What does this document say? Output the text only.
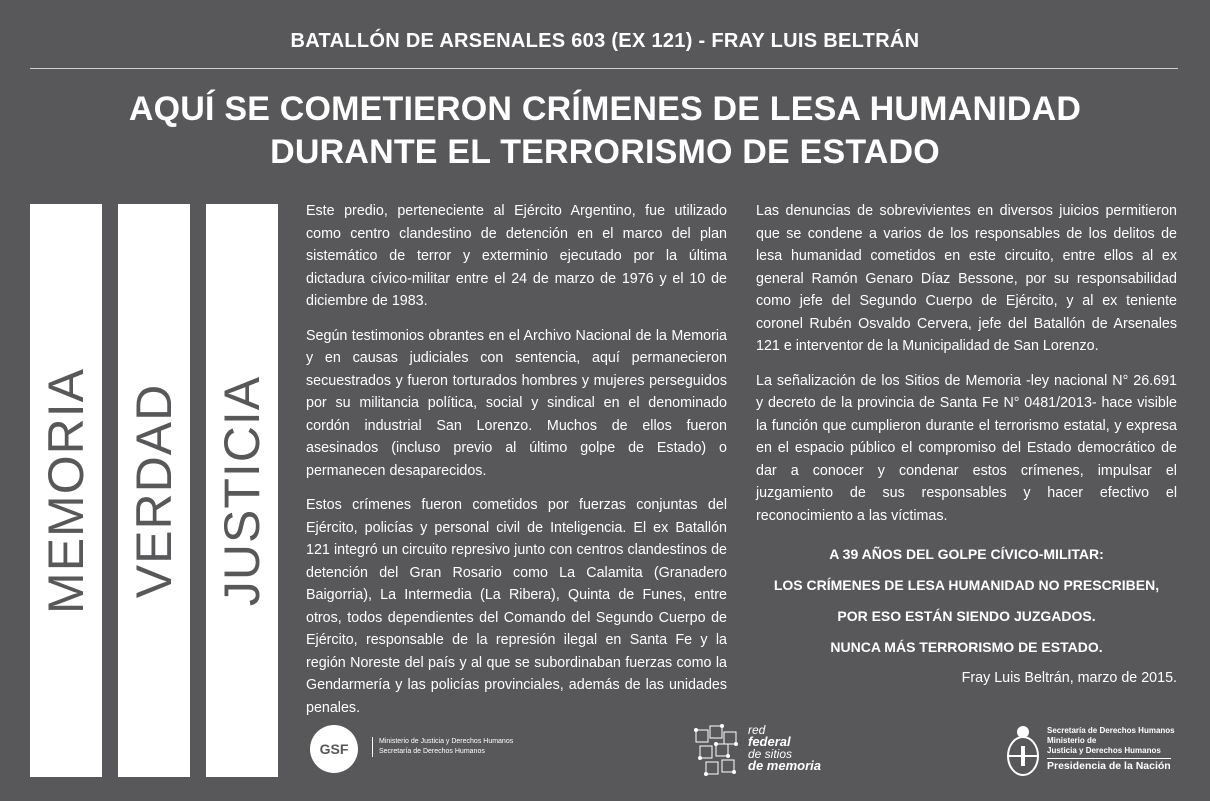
BATALLÓN DE ARSENALES 603 (EX 121) - FRAY LUIS BELTRÁN
AQUÍ SE COMETIERON CRÍMENES DE LESA HUMANIDAD
DURANTE EL TERRORISMO DE ESTADO
MEMORIA VERDAD JUSTICIA

Este predio, perteneciente al Ejército Argentino, fue utilizado como centro clandestino de detención en el marco del plan sistemático de terror y exterminio ejecutado por la última dictadura cívico-militar entre el 24 de marzo de 1976 y el 10 de diciembre de 1983.

Según testimonios obrantes en el Archivo Nacional de la Memoria y en causas judiciales con sentencia, aquí permanecieron secuestrados y fueron torturados hombres y mujeres perseguidos por su militancia política, social y sindical en el denominado cordón industrial San Lorenzo. Muchos de ellos fueron asesinados (incluso previo al último golpe de Estado) o permanecen desaparecidos.

Estos crímenes fueron cometidos por fuerzas conjuntas del Ejército, policías y personal civil de Inteligencia. El ex Batallón 121 integró un circuito represivo junto con centros clandestinos de detención del Gran Rosario como La Calamita (Granadero Baigorria), La Intermedia (La Ribera), Quinta de Funes, entre otros, todos dependientes del Comando del Segundo Cuerpo de Ejército, responsable de la represión ilegal en Santa Fe y la región Noreste del país y al que se subordinaban fuerzas como la Gendarmería y las policías provinciales, además de las unidades penales.

Las denuncias de sobrevivientes en diversos juicios permitieron que se condene a varios de los responsables de los delitos de lesa humanidad cometidos en este circuito, entre ellos al ex general Ramón Genaro Díaz Bessone, por su responsabilidad como jefe del Segundo Cuerpo de Ejército, y al ex teniente coronel Rubén Osvaldo Cervera, jefe del Batallón de Arsenales 121 e interventor de la Municipalidad de San Lorenzo.

La señalización de los Sitios de Memoria -ley nacional N° 26.691 y decreto de la provincia de Santa Fe N° 0481/2013- hace visible la función que cumplieron durante el terrorismo estatal, y expresa en el espacio público el compromiso del Estado democrático de dar a conocer y condenar estos crímenes, impulsar el juzgamiento de sus responsables y hacer efectivo el reconocimiento a las víctimas.

A 39 AÑOS DEL GOLPE CÍVICO-MILITAR:
LOS CRÍMENES DE LESA HUMANIDAD NO PRESCRIBEN,
POR ESO ESTÁN SIENDO JUZGADOS.
NUNCA MÁS TERRORISMO DE ESTADO.
Fray Luis Beltrán, marzo de 2015.
GSF	Ministerio de Justicia y Derechos Humanos
Secretaría de Derechos Humanos
red
federal
de sitios
de memoria
Secretaría de Derechos Humanos
Ministerio de
Justicia y Derechos Humanos
Presidencia de la Nación
